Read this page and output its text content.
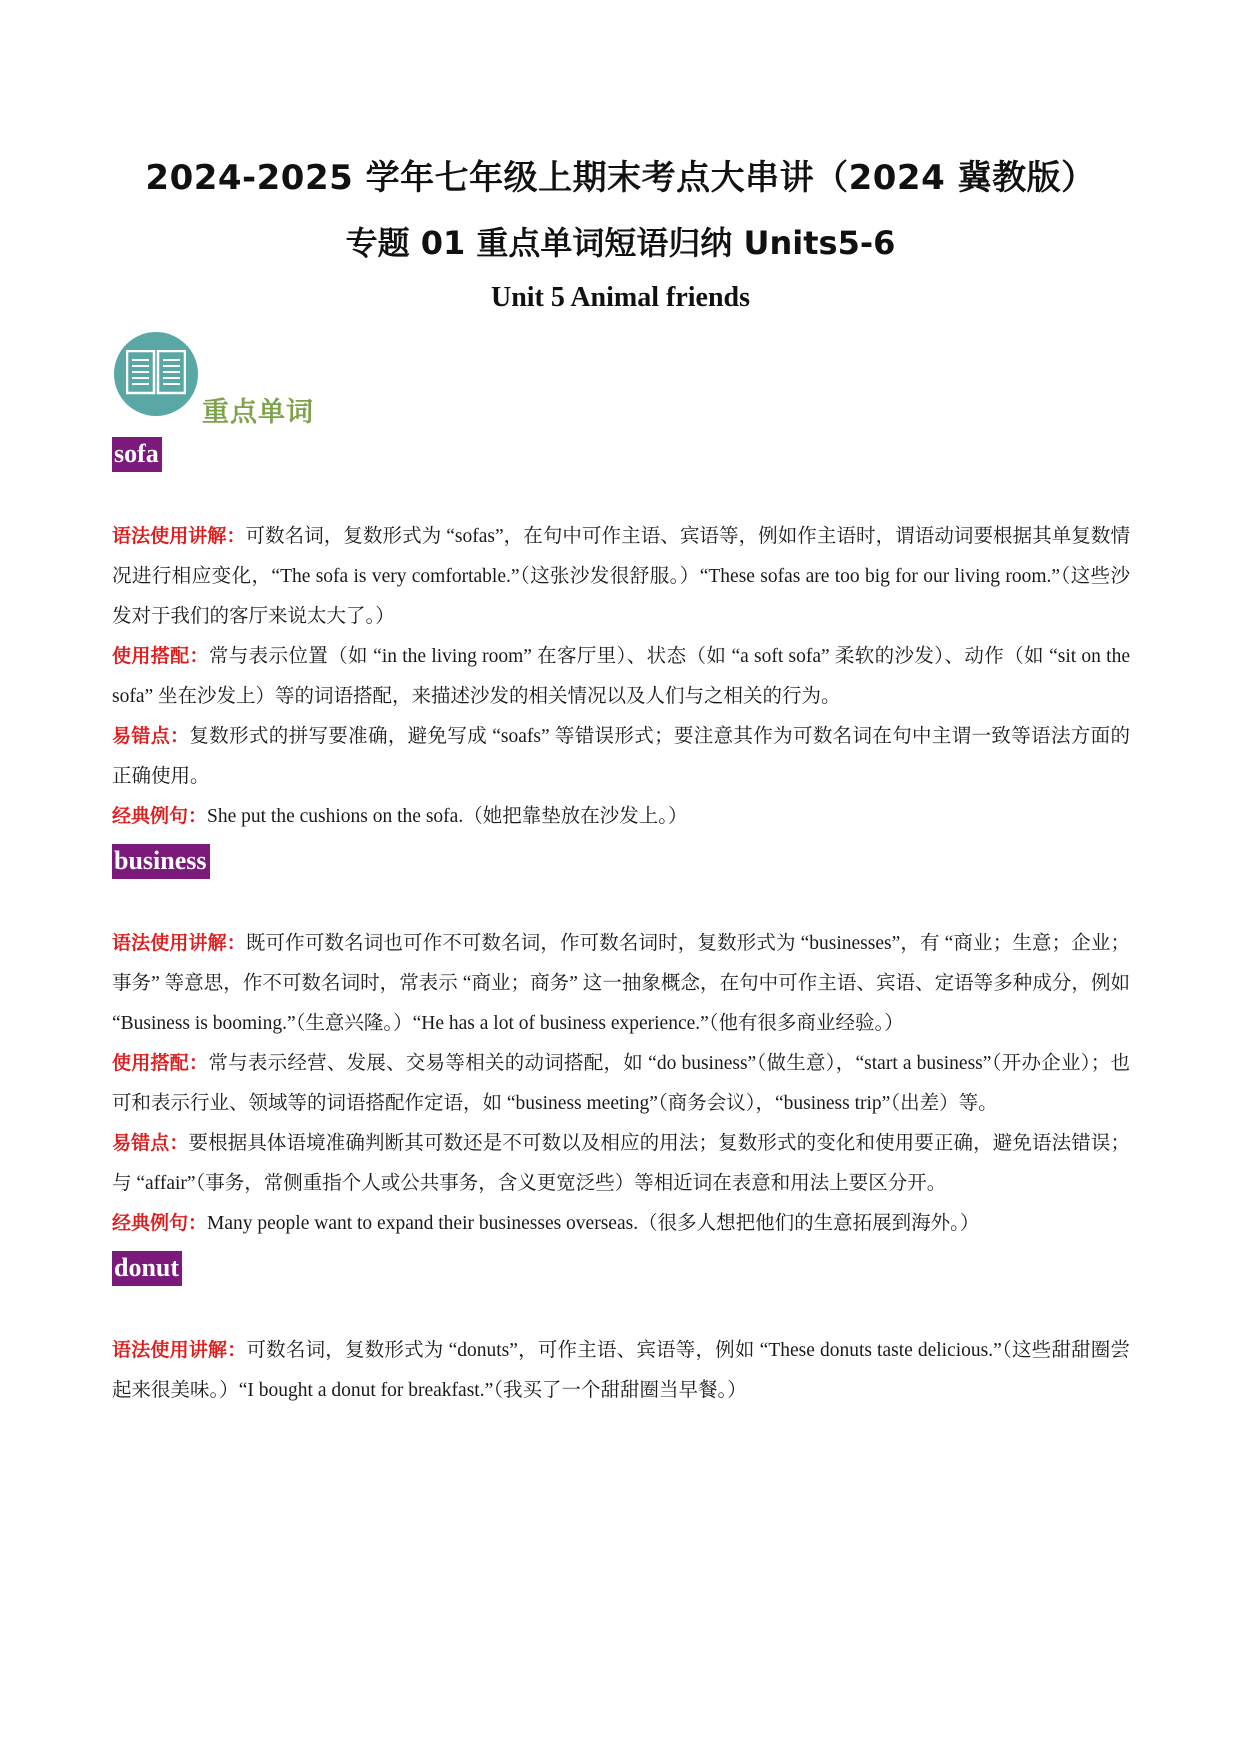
2024-2025 学年七年级上期末考点大串讲（2024 冀教版）
专题 01 重点单词短语归纳 Units5-6
Unit 5 Animal friends
重点单词
sofa

语法使用讲解：可数名词，复数形式为 “sofas”，在句中可作主语、宾语等，例如作主语时，谓语动词要根据其单复数情况进行相应变化，“The sofa is very comfortable.”（这张沙发很舒服。）“These sofas are too big for our living room.”（这些沙发对于我们的客厅来说太大了。）

使用搭配：常与表示位置（如 “in the living room” 在客厅里）、状态（如 “a soft sofa” 柔软的沙发）、动作（如 “sit on the sofa” 坐在沙发上）等的词语搭配，来描述沙发的相关情况以及人们与之相关的行为。

易错点：复数形式的拼写要准确，避免写成 “soafs” 等错误形式；要注意其作为可数名词在句中主谓一致等语法方面的正确使用。

经典例句：She put the cushions on the sofa.（她把靠垫放在沙发上。）

business

语法使用讲解：既可作可数名词也可作不可数名词，作可数名词时，复数形式为 “businesses”，有 “商业；生意；企业；事务” 等意思，作不可数名词时，常表示 “商业；商务” 这一抽象概念，在句中可作主语、宾语、定语等多种成分，例如 “Business is booming.”（生意兴隆。）“He has a lot of business experience.”（他有很多商业经验。）

使用搭配：常与表示经营、发展、交易等相关的动词搭配，如 “do business”（做生意），“start a business”（开办企业）；也可和表示行业、领域等的词语搭配作定语，如 “business meeting”（商务会议），“business trip”（出差）等。

易错点：要根据具体语境准确判断其可数还是不可数以及相应的用法；复数形式的变化和使用要正确，避免语法错误；与 “affair”（事务，常侧重指个人或公共事务，含义更宽泛些）等相近词在表意和用法上要区分开。

经典例句：Many people want to expand their businesses overseas.（很多人想把他们的生意拓展到海外。）

donut

语法使用讲解：可数名词，复数形式为 “donuts”，可作主语、宾语等，例如 “These donuts taste delicious.”（这些甜甜圈尝起来很美味。）“I bought a donut for breakfast.”（我买了一个甜甜圈当早餐。）
